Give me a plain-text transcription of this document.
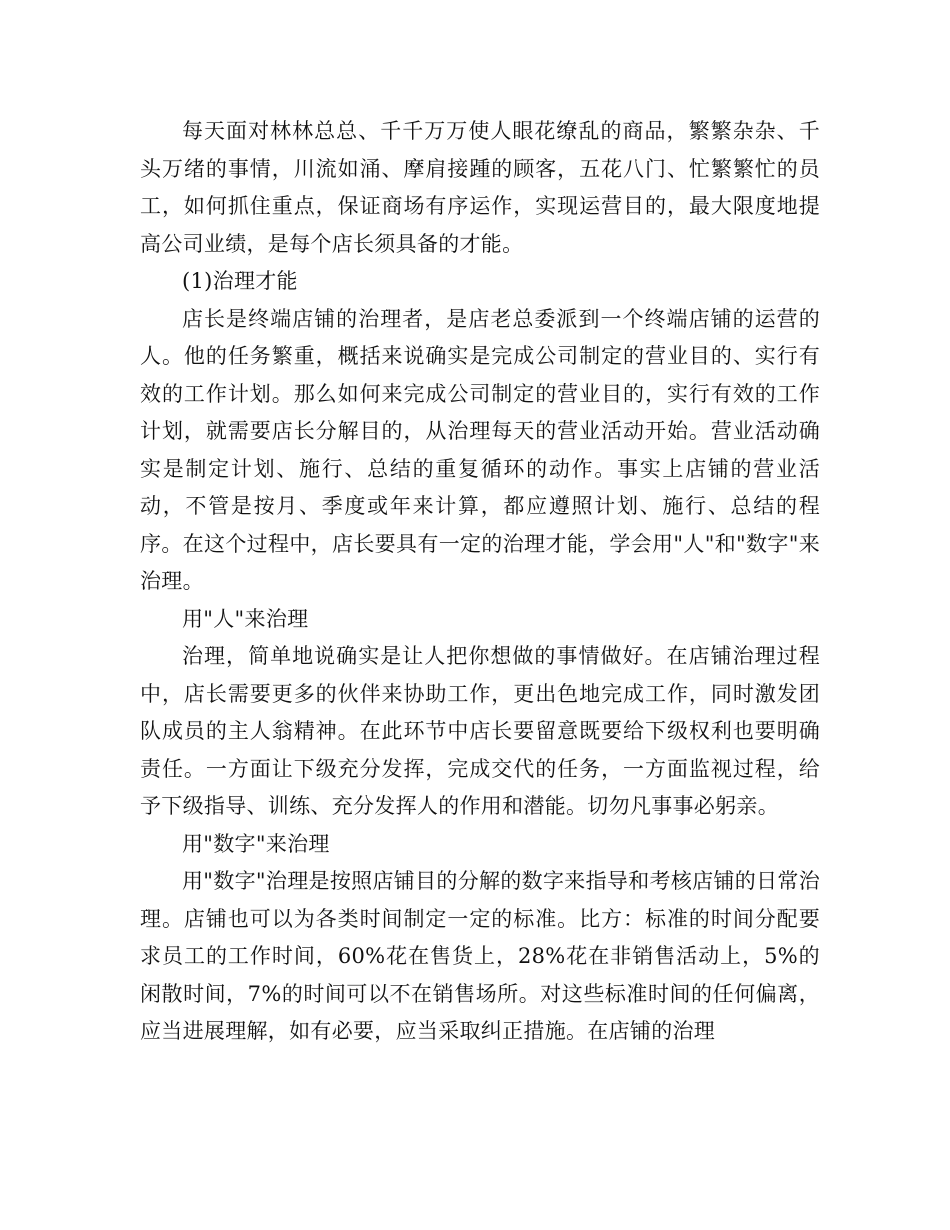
每天面对林林总总、千千万万使人眼花缭乱的商品，繁繁杂杂、千头万绪的事情，川流如涌、摩肩接踵的顾客，五花八门、忙繁繁忙的员工，如何抓住重点，保证商场有序运作，实现运营目的，最大限度地提高公司业绩，是每个店长须具备的才能。

(1)治理才能

店长是终端店铺的治理者，是店老总委派到一个终端店铺的运营的人。他的任务繁重，概括来说确实是完成公司制定的营业目的、实行有效的工作计划。那么如何来完成公司制定的营业目的，实行有效的工作计划，就需要店长分解目的，从治理每天的营业活动开始。营业活动确实是制定计划、施行、总结的重复循环的动作。事实上店铺的营业活动，不管是按月、季度或年来计算，都应遵照计划、施行、总结的程序。在这个过程中，店长要具有一定的治理才能，学会用"人"和"数字"来治理。

用"人"来治理

治理，简单地说确实是让人把你想做的事情做好。在店铺治理过程中，店长需要更多的伙伴来协助工作，更出色地完成工作，同时激发团队成员的主人翁精神。在此环节中店长要留意既要给下级权利也要明确责任。一方面让下级充分发挥，完成交代的任务，一方面监视过程，给予下级指导、训练、充分发挥人的作用和潜能。切勿凡事事必躬亲。

用"数字"来治理

用"数字"治理是按照店铺目的分解的数字来指导和考核店铺的日常治理。店铺也可以为各类时间制定一定的标准。比方：标准的时间分配要求员工的工作时间，60%花在售货上，28%花在非销售活动上，5%的闲散时间，7%的时间可以不在销售场所。对这些标准时间的任何偏离，应当进展理解，如有必要，应当采取纠正措施。在店铺的治理
